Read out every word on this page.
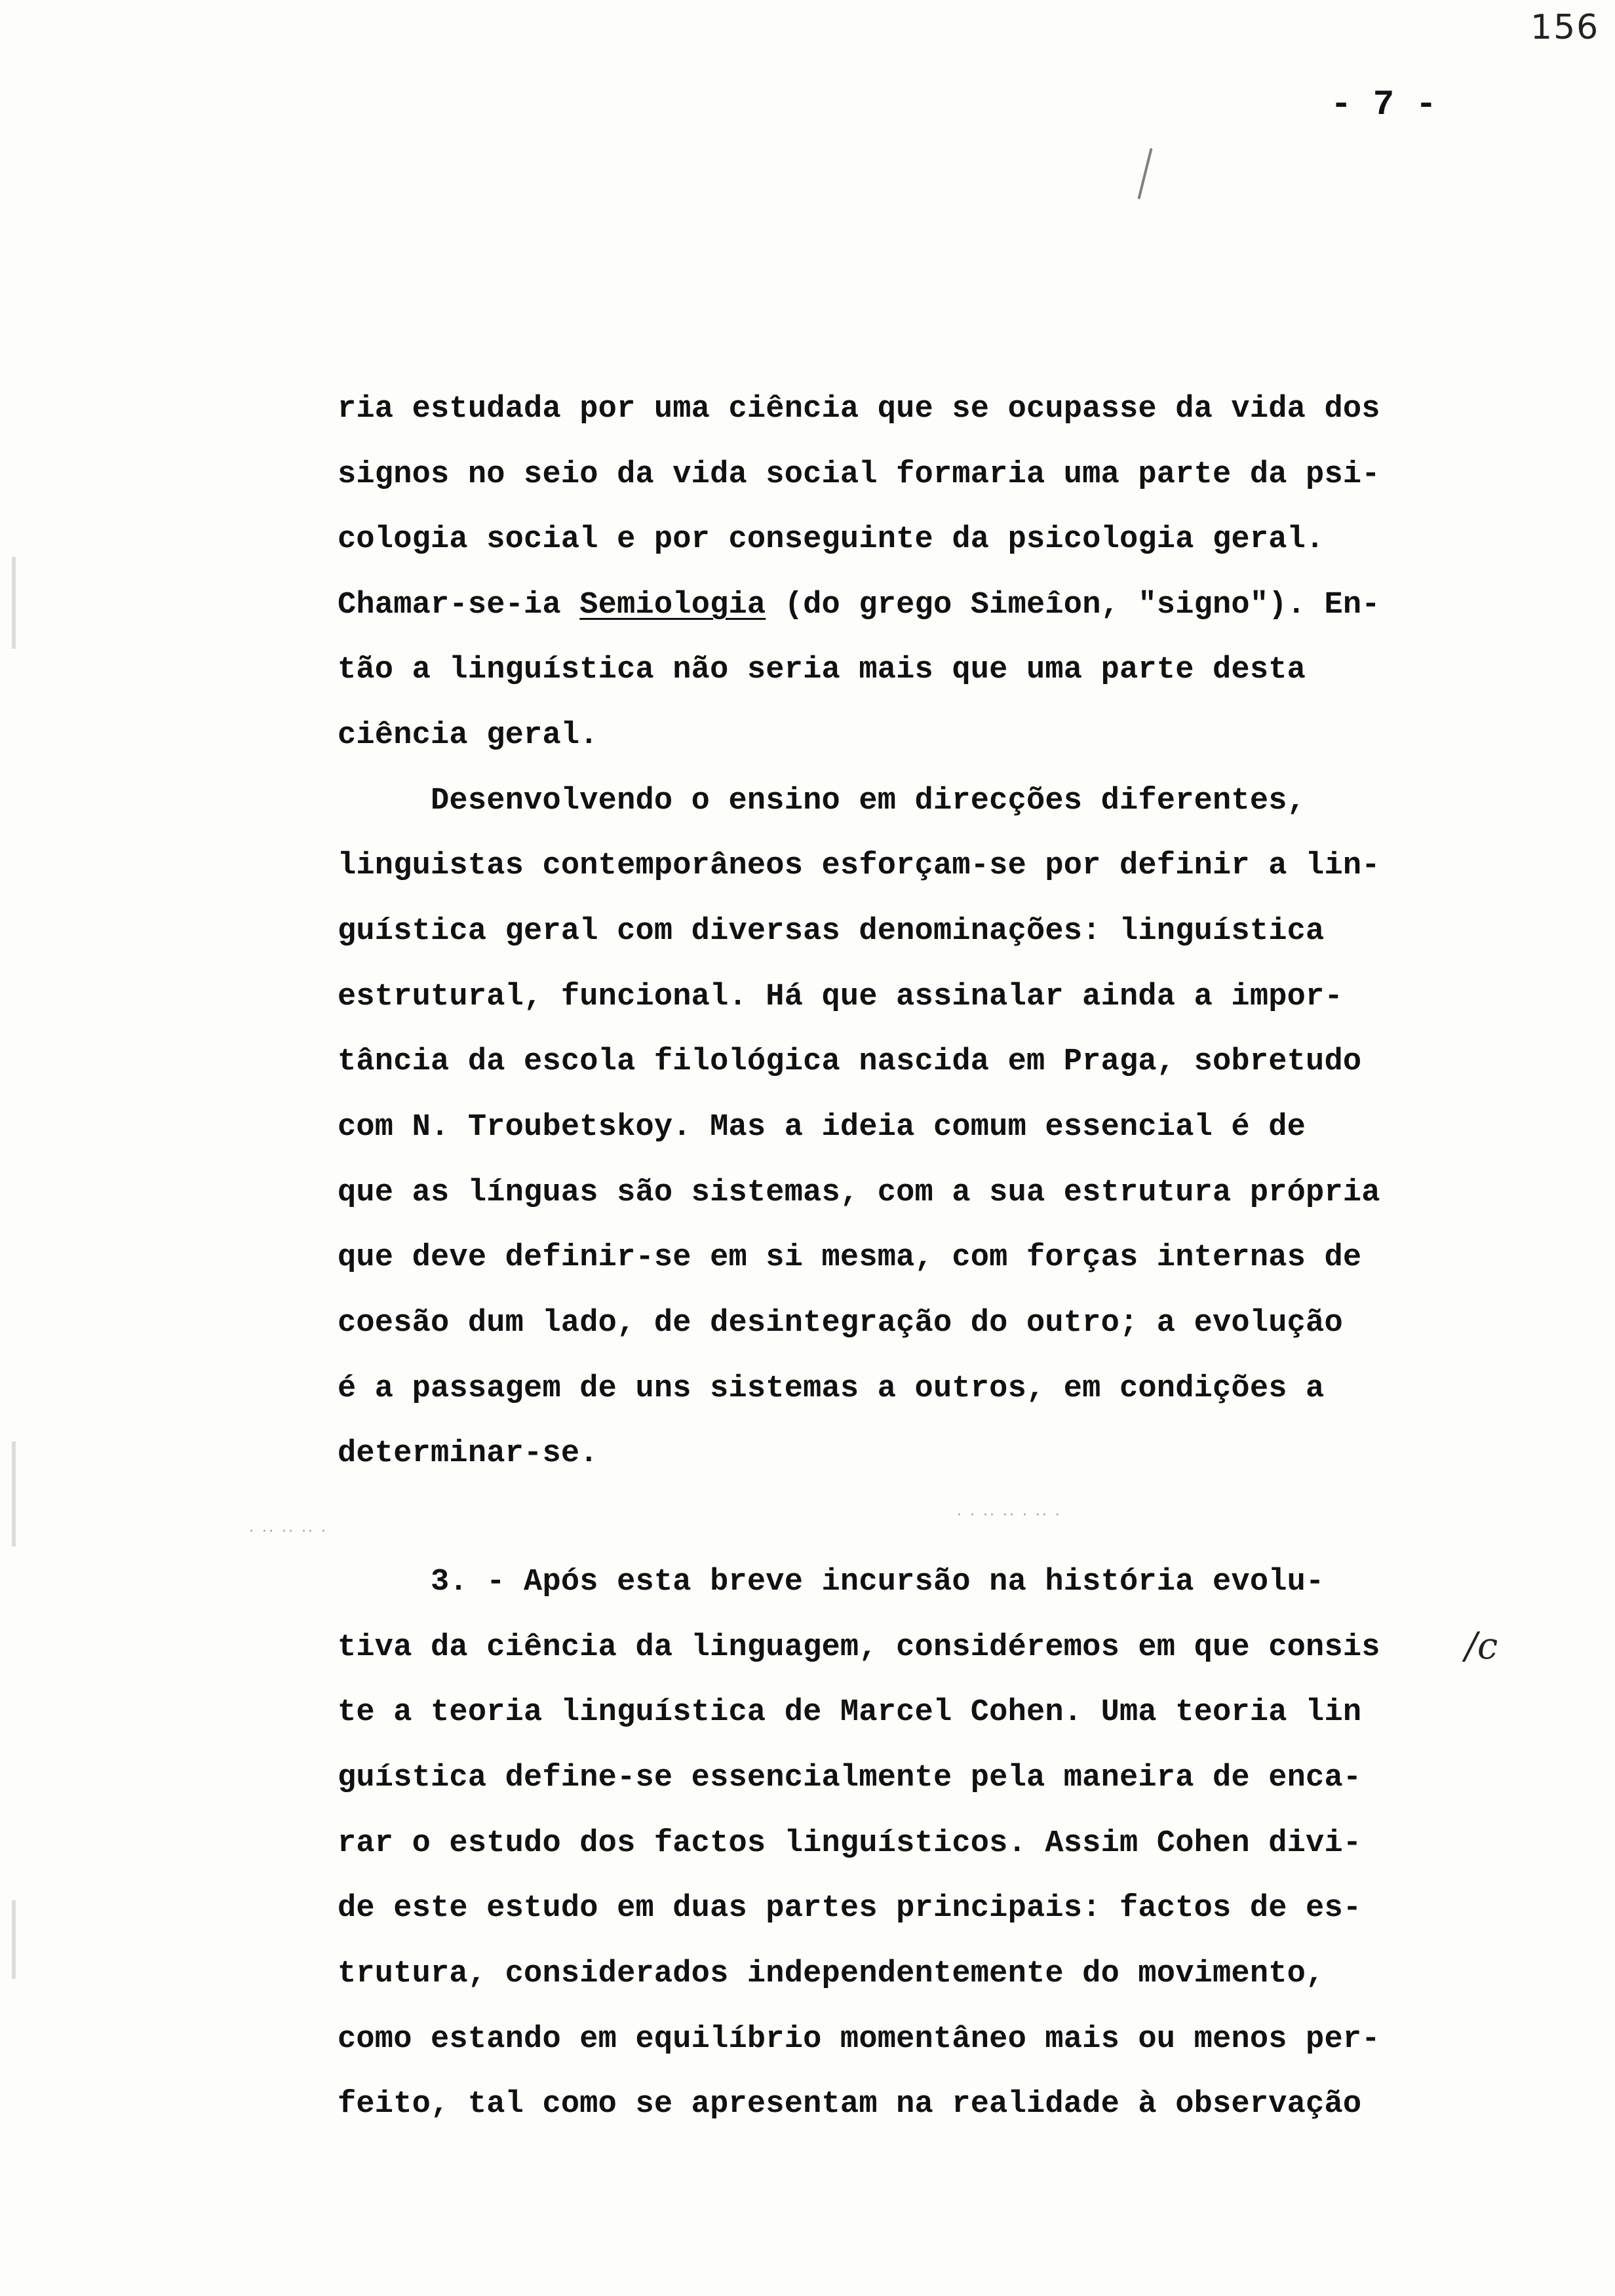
156
- 7 -
· ·· ·· ·· ·
· · ·· ·· · ·· ·
ria estudada por uma ciência que se ocupasse da vida dos
signos no seio da vida social formaria uma parte da psi-
cologia social e por conseguinte da psicologia geral.
Chamar-se-ia Semiologia (do grego Simeîon, "signo"). En-
tão a linguística não seria mais que uma parte desta
ciência geral.
Desenvolvendo o ensino em direcções diferentes,
linguistas contemporâneos esforçam-se por definir a lin-
guística geral com diversas denominações: linguística
estrutural, funcional. Há que assinalar ainda a impor-
tância da escola filológica nascida em Praga, sobretudo
com N. Troubetskoy. Mas a ideia comum essencial é de
que as línguas são sistemas, com a sua estrutura própria
que deve definir-se em si mesma, com forças internas de
coesão dum lado, de desintegração do outro; a evolução
é a passagem de uns sistemas a outros, em condições a
determinar-se.
3. - Após esta breve incursão na história evolu-
tiva da ciência da linguagem, considéremos em que consis
te a teoria linguística de Marcel Cohen. Uma teoria lin
guística define-se essencialmente pela maneira de enca-
rar o estudo dos factos linguísticos. Assim Cohen divi-
de este estudo em duas partes principais: factos de es-
trutura, considerados independentemente do movimento,
como estando em equilíbrio momentâneo mais ou menos per-
feito, tal como se apresentam na realidade à observação
/c
